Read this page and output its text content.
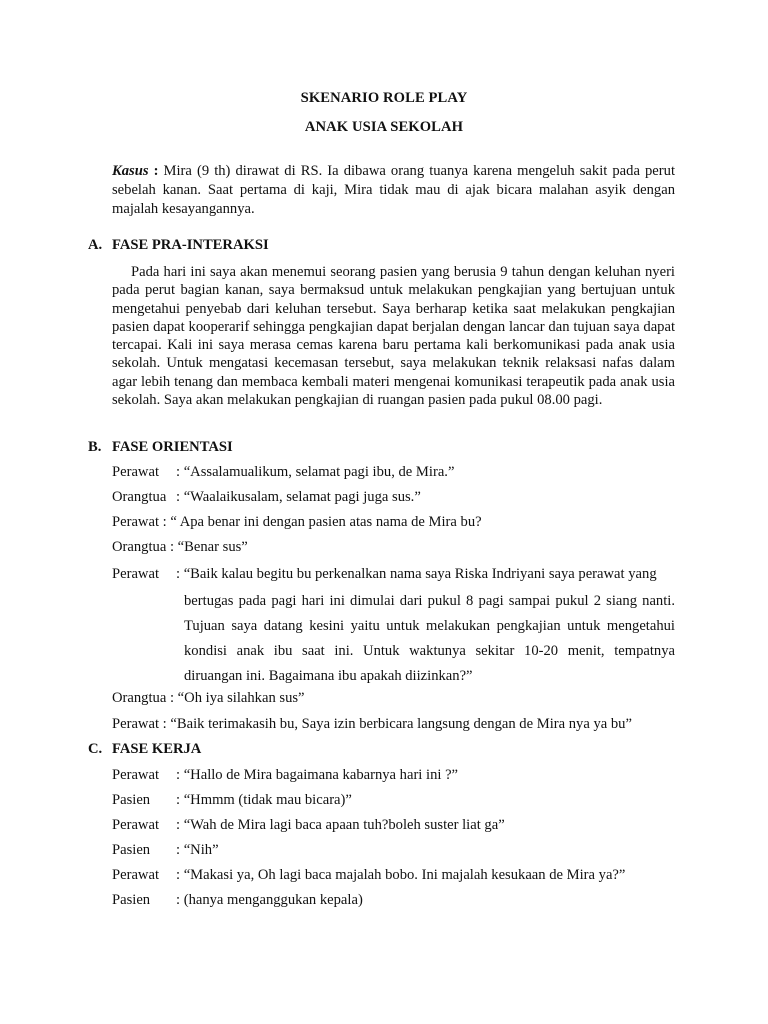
SKENARIO ROLE PLAY
ANAK USIA SEKOLAH
Kasus : Mira (9 th) dirawat di RS. Ia dibawa orang tuanya karena mengeluh sakit pada perut sebelah kanan. Saat pertama di kaji, Mira tidak mau di ajak bicara malahan asyik dengan majalah kesayangannya.
A. FASE PRA-INTERAKSI
Pada hari ini saya akan menemui seorang pasien yang berusia 9 tahun dengan keluhan nyeri pada perut bagian kanan, saya bermaksud untuk melakukan pengkajian yang bertujuan untuk mengetahui penyebab dari keluhan tersebut. Saya berharap ketika saat melakukan pengkajian pasien dapat kooperarif sehingga pengkajian dapat berjalan dengan lancar dan tujuan saya dapat tercapai. Kali ini saya merasa cemas karena baru pertama kali berkomunikasi pada anak usia sekolah. Untuk mengatasi kecemasan tersebut, saya melakukan teknik relaksasi nafas dalam agar lebih tenang dan membaca kembali materi mengenai komunikasi terapeutik pada anak usia sekolah. Saya akan melakukan pengkajian di ruangan pasien pada pukul 08.00 pagi.
B. FASE ORIENTASI
Perawat : “Assalamualikum, selamat pagi ibu, de Mira.”
Orangtua : “Waalaikusalam, selamat pagi juga sus.”
Perawat : “ Apa benar ini dengan pasien atas nama de Mira bu?
Orangtua : “Benar sus”
Perawat : “Baik kalau begitu bu perkenalkan nama saya Riska Indriyani saya perawat yang
bertugas pada pagi hari ini dimulai dari pukul 8 pagi sampai pukul 2 siang nanti. Tujuan saya datang kesini yaitu untuk melakukan pengkajian untuk mengetahui kondisi anak ibu saat ini. Untuk waktunya sekitar 10-20 menit, tempatnya diruangan ini. Bagaimana ibu apakah diizinkan?”
Orangtua : “Oh iya silahkan sus”
Perawat : “Baik terimakasih bu, Saya izin berbicara langsung dengan de Mira nya ya bu”
C. FASE KERJA
Perawat : “Hallo de Mira bagaimana kabarnya hari ini ?”
Pasien : “Hmmm (tidak mau bicara)”
Perawat : “Wah de Mira lagi baca apaan tuh?boleh suster liat ga”
Pasien : “Nih”
Perawat : “Makasi ya, Oh lagi baca majalah bobo. Ini majalah kesukaan de Mira ya?”
Pasien : (hanya menganggukan kepala)
